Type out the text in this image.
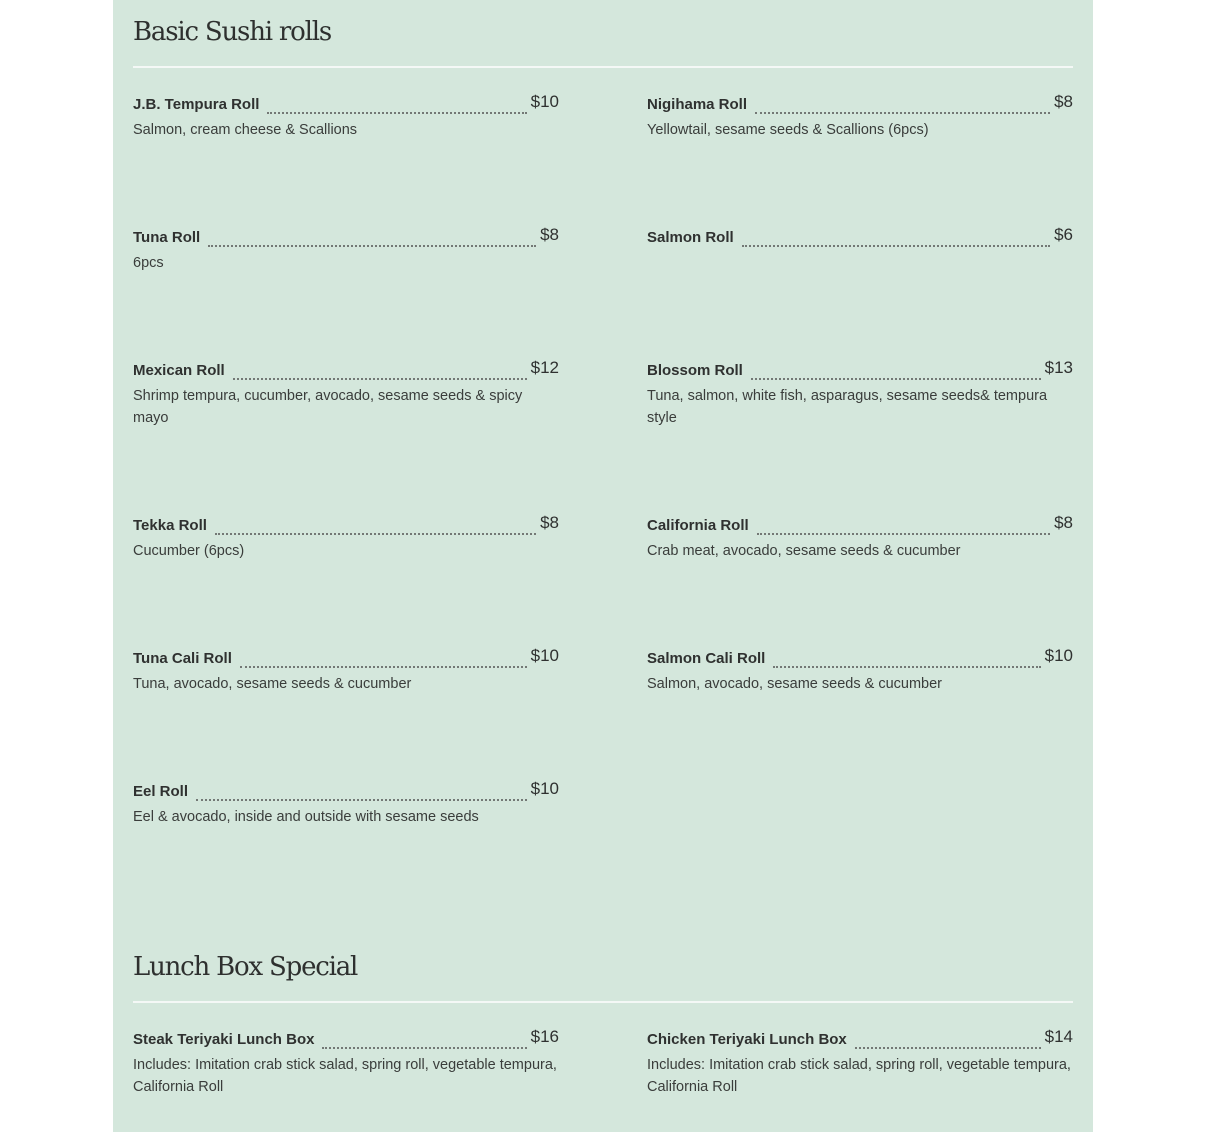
Basic Sushi rolls
J.B. Tempura Roll	$10

Salmon, cream cheese & Scallions

Nigihama Roll	$8

Yellowtail, sesame seeds & Scallions (6pcs)

Tuna Roll	$8

6pcs

Salmon Roll	$6

Mexican Roll	$12

Shrimp tempura, cucumber, avocado, sesame seeds & spicy mayo

Blossom Roll	$13

Tuna, salmon, white fish, asparagus, sesame seeds& tempura style

Tekka Roll	$8

Cucumber (6pcs)

California Roll	$8

Crab meat, avocado, sesame seeds & cucumber

Tuna Cali Roll	$10

Tuna, avocado, sesame seeds & cucumber

Salmon Cali Roll	$10

Salmon, avocado, sesame seeds & cucumber

Eel Roll	$10

Eel & avocado, inside and outside with sesame seeds

Lunch Box Special
Steak Teriyaki Lunch Box	$16

Includes: Imitation crab stick salad, spring roll, vegetable tempura, California Roll

Chicken Teriyaki Lunch Box	$14

Includes: Imitation crab stick salad, spring roll, vegetable tempura, California Roll
